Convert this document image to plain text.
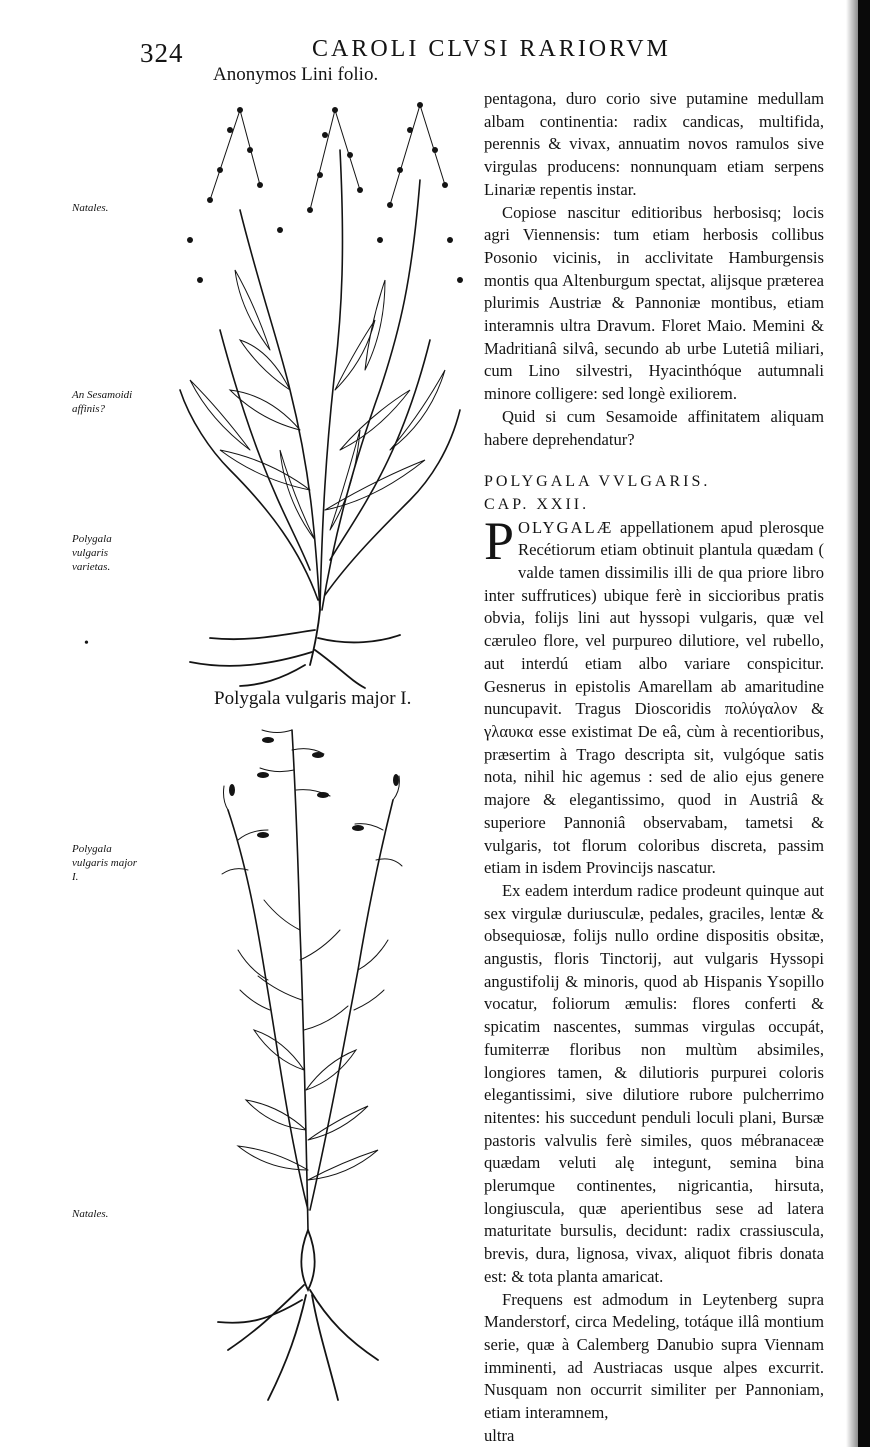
324	CAROLI CLVSI RARIORVM
Anonymos Lini folio.
Polygala vulgaris major I.
Natales.
An Sesamoidi affinis?
Polygala vulgaris varietas.
•
Polygala vulgaris major I.
Natales.

pentagona, duro corio sive putamine medullam albam continentia: radix candicas, multifida, perennis & vivax, annuatim novos ramulos sive virgulas producens: nonnunquam etiam serpens Linariæ repentis instar.

Copiose nascitur editioribus herbosisq; locis agri Viennensis: tum etiam herbosis collibus Posonio vicinis, in acclivitate Hamburgensis montis qua Altenburgum spectat, alijsque præterea plurimis Austriæ & Pannoniæ montibus, etiam interamnis ultra Dravum. Floret Maio. Memini & Madritianâ silvâ, secundo ab urbe Lutetiâ miliari, cum Lino silvestri, Hyacinthóque autumnali minore colligere: sed longè exiliorem.

Quid si cum Sesamoide affinitatem aliquam habere deprehendatur?

POLYGALA VVLGARIS.

CAP. XXII.

POLYGALÆ appellationem apud plerosque Recétiorum etiam obtinuit plantula quædam ( valde tamen dissimilis illi de qua priore libro inter suffrutices) ubique ferè in siccioribus pratis obvia, folijs lini aut hyssopi vulgaris, quæ vel cæruleo flore, vel purpureo dilutiore, vel rubello, aut interdú etiam albo variare conspicitur. Gesnerus in epistolis Amarellam ab amaritudine nuncupavit. Tragus Dioscoridis πολύγαλον & γλαυκα esse existimat De eâ, cùm à recentioribus, præsertim à Trago descripta sit, vulgóque satis nota, nihil hic agemus : sed de alio ejus genere majore & elegantissimo, quod in Austriâ & superiore Pannoniâ observabam, tametsi & vulgaris, tot florum coloribus discreta, passim etiam in isdem Provincijs nascatur.

Ex eadem interdum radice prodeunt quinque aut sex virgulæ duriusculæ, pedales, graciles, lentæ & obsequiosæ, folijs nullo ordine dispositis obsitæ, angustis, floris Tinctorij, aut vulgaris Hyssopi angustifolij & minoris, quod ab Hispanis Ysopillo vocatur, foliorum æmulis: flores conferti & spicatim nascentes, summas virgulas occupát, fumiterræ floribus non multùm absimiles, longiores tamen, & dilutioris purpurei coloris elegantissimi, sive dilutiore rubore pulcherrimo nitentes: his succedunt penduli loculi plani, Bursæ pastoris valvulis ferè similes, quos mébranaceæ quædam veluti alę integunt, semina bina plerumque continentes, nigricantia, hirsuta, longiuscula, quæ aperientibus sese ad latera maturitate bursulis, decidunt: radix crassiuscula, brevis, dura, lignosa, vivax, aliquot fibris donata est: & tota planta amaricat.

Frequens est admodum in Leytenberg supra Manderstorf, circa Medeling, totáque illâ montium serie, quæ à Calemberg Danubio supra Viennam imminenti, ad Austriacas usque alpes excurrit. Nusquam non occurrit similiter per Pannoniam, etiam interamnem,

ultra
